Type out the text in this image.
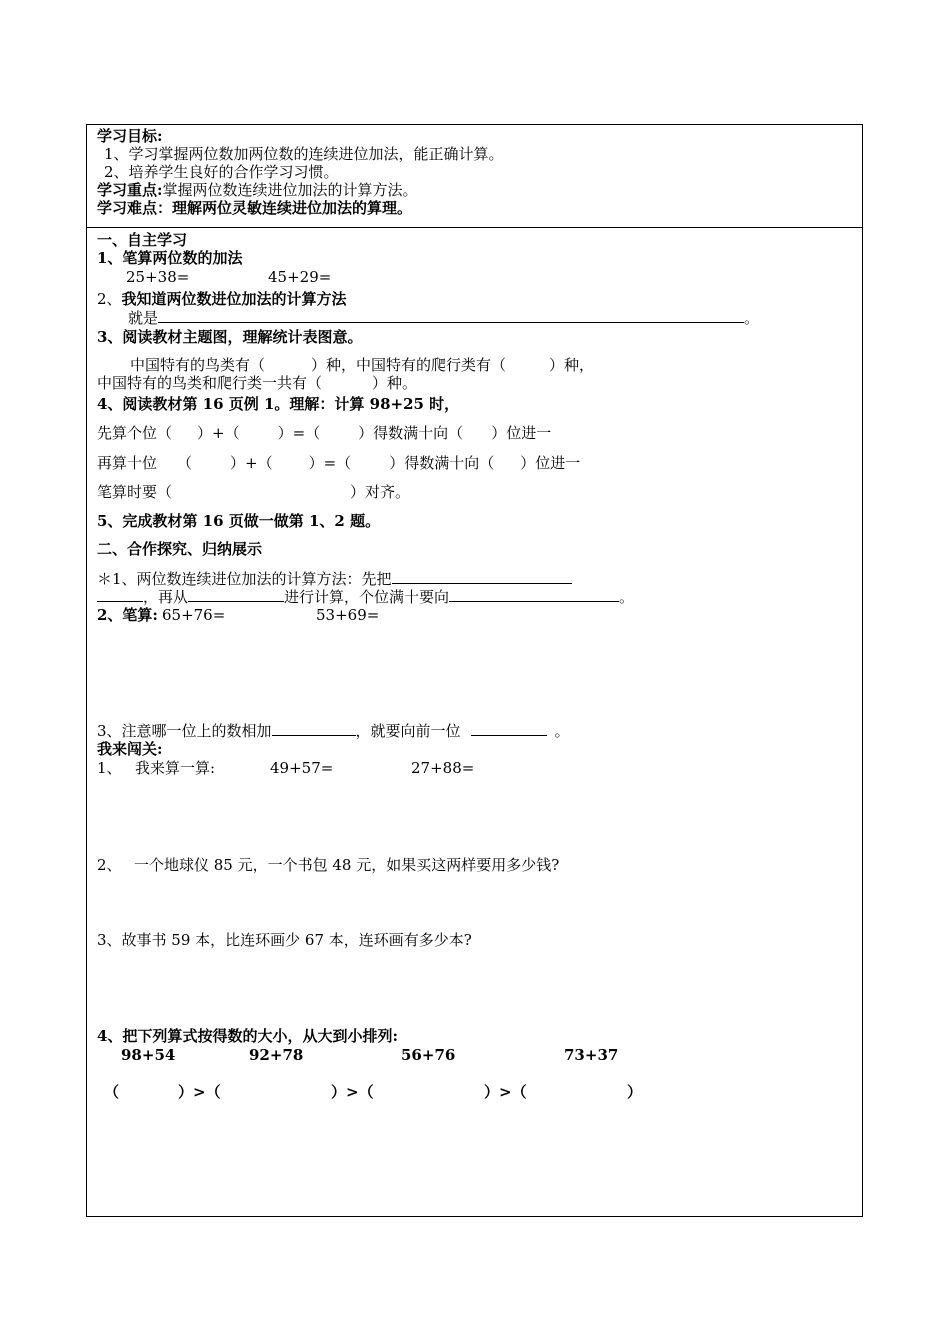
学习目标:
1、学习掌握两位数加两位数的连续进位加法，能正确计算。
2、培养学生良好的合作学习习惯。
学习重点:掌握两位数连续进位加法的计算方法。
学习难点：理解两位灵敏连续进位加法的算理。
一、自主学习
1、笔算两位数的加法
25+38=	45+29=
2、我知道两位数进位加法的计算方法
就是	。
3、阅读教材主题图，理解统计表图意。
中国特有的鸟类有（	）种，中国特有的爬行类有（	）种，
中国特有的鸟类和爬行类一共有（	）种。
4、阅读教材第 16 页例 1。理解：计算 98+25 时，
先算个位（ ）+（	）=（	）得数满十向（ ）位进一
再算十位 （	）+（ ）=（	）得数满十向（ ）位进一
笔算时要（	）对齐。
5、完成教材第 16 页做一做第 1、2 题。
二、合作探究、归纳展示
＊1、两位数连续进位加法的计算方法：先把
，再从	进行计算，个位满十要向	。
2、笔算: 65+76=	53+69=
3、注意哪一位上的数相加	，就要向前一位	。
我来闯关:
1、 我来算一算:	49+57=	27+88=
2、 一个地球仪 85 元，一个书包 48 元，如果买这两样要用多少钱?
3、故事书 59 本，比连环画少 67 本，连环画有多少本?
4、把下列算式按得数的大小，从大到小排列:
98+54	92+78	56+76	73+37
（	）>（	）>（	）>（	）
